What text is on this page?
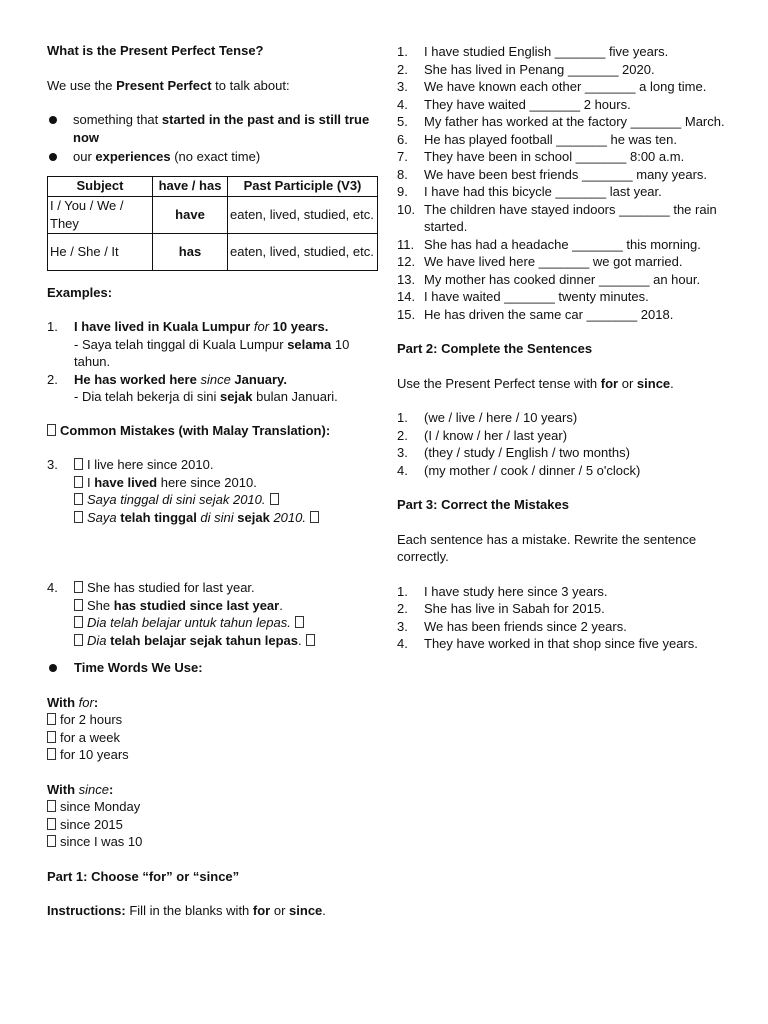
What is the Present Perfect Tense?

We use the Present Perfect to talk about:

something that started in the past and is still true now
our experiences (no exact time)
Subject	have / has	Past Participle (V3)
I / You / We / They	have	eaten, lived, studied, etc.
He / She / It	has	eaten, lived, studied, etc.

Examples:

1. I have lived in Kuala Lumpur for 10 years.
- Saya telah tinggal di Kuala Lumpur selama 10 tahun.
2. He has worked here since January.
- Dia telah bekerja di sini sejak bulan Januari.

Common Mistakes (with Malay Translation):

3. I live here since 2010.
I have lived here since 2010.
Saya tinggal di sini sejak 2010.
Saya telah tinggal di sini sejak 2010.
4. She has studied for last year.
She has studied since last year.
Dia telah belajar untuk tahun lepas.
Dia telah belajar sejak tahun lepas.

Time Words We Use:

With for:

for 2 hours
for a week
for 10 years

With since:

since Monday
since 2015
since I was 10

Part 1: Choose “for” or “since”

Instructions: Fill in the blanks with for or since.

1. I have studied English _______ five years.
2. She has lived in Penang _______ 2020.
3. We have known each other _______ a long time.
4. They have waited _______ 2 hours.
5. My father has worked at the factory _______ March.
6. He has played football _______ he was ten.
7. They have been in school _______ 8:00 a.m.
8. We have been best friends _______ many years.
9. I have had this bicycle _______ last year.
10. The children have stayed indoors _______ the rain started.
11. She has had a headache _______ this morning.
12. We have lived here _______ we got married.
13. My mother has cooked dinner _______ an hour.
14. I have waited _______ twenty minutes.
15. He has driven the same car _______ 2018.

Part 2: Complete the Sentences

Use the Present Perfect tense with for or since.

1. (we / live / here / 10 years)
2. (I / know / her / last year)
3. (they / study / English / two months)
4. (my mother / cook / dinner / 5 o'clock)

Part 3: Correct the Mistakes

Each sentence has a mistake. Rewrite the sentence correctly.

1. I have study here since 3 years.
2. She has live in Sabah for 2015.
3. We has been friends since 2 years.
4. They have worked in that shop since five years.
